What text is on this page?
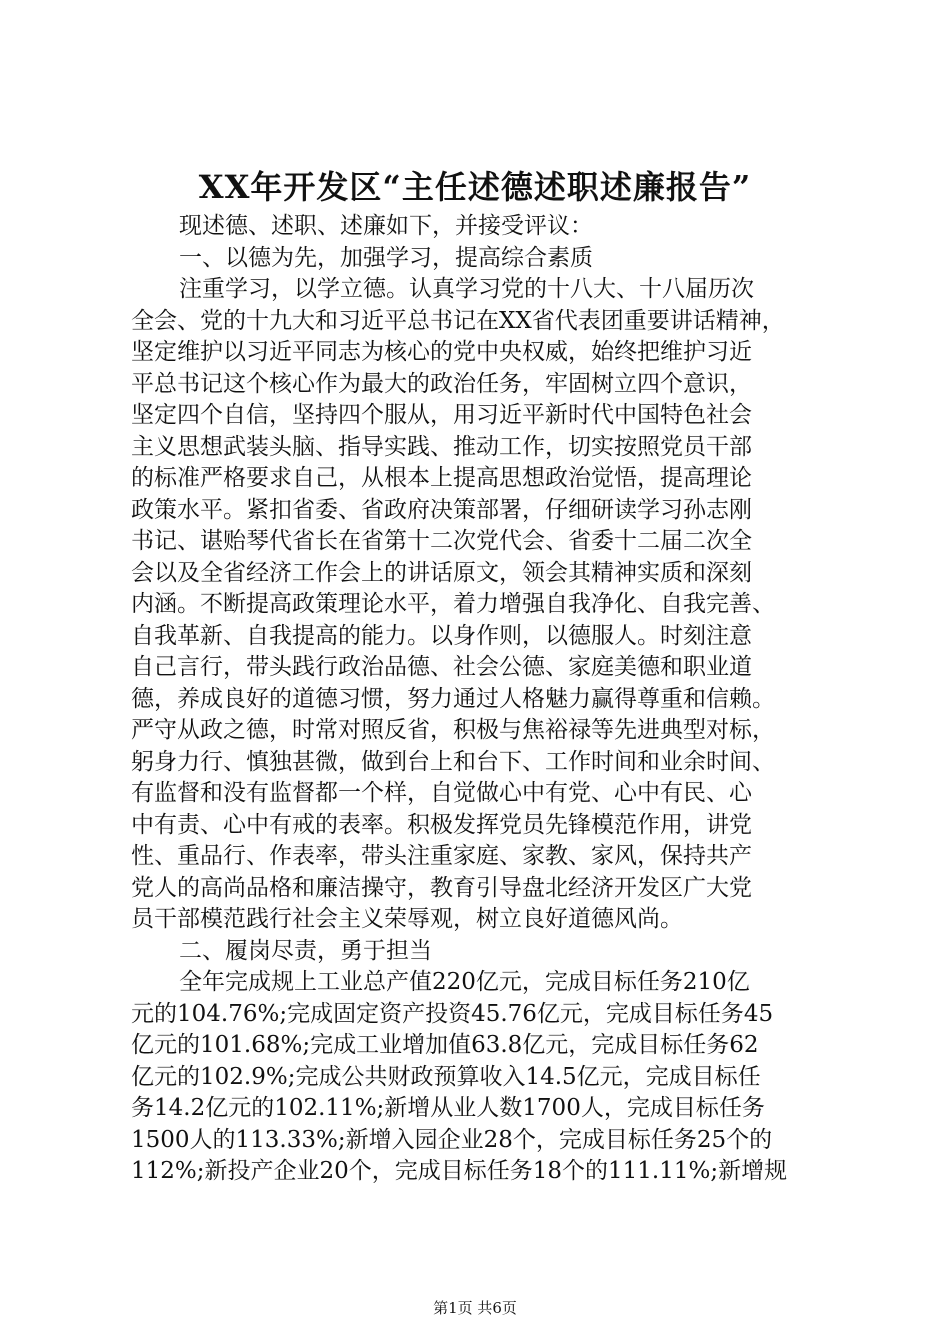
XX年开发区“主任述德述职述廉报告”
现述德、述职、述廉如下，并接受评议：
一、以德为先，加强学习，提高综合素质
注重学习，以学立德。认真学习党的十八大、十八届历次
全会、党的十九大和习近平总书记在XX省代表团重要讲话精神，
坚定维护以习近平同志为核心的党中央权威，始终把维护习近
平总书记这个核心作为最大的政治任务，牢固树立四个意识，
坚定四个自信，坚持四个服从，用习近平新时代中国特色社会
主义思想武装头脑、指导实践、推动工作，切实按照党员干部
的标准严格要求自己，从根本上提高思想政治觉悟，提高理论
政策水平。紧扣省委、省政府决策部署，仔细研读学习孙志刚
书记、谌贻琴代省长在省第十二次党代会、省委十二届二次全
会以及全省经济工作会上的讲话原文，领会其精神实质和深刻
内涵。不断提高政策理论水平，着力增强自我净化、自我完善、
自我革新、自我提高的能力。以身作则，以德服人。时刻注意
自己言行，带头践行政治品德、社会公德、家庭美德和职业道
德，养成良好的道德习惯，努力通过人格魅力赢得尊重和信赖。
严守从政之德，时常对照反省，积极与焦裕禄等先进典型对标，
躬身力行、慎独甚微，做到台上和台下、工作时间和业余时间、
有监督和没有监督都一个样，自觉做心中有党、心中有民、心
中有责、心中有戒的表率。积极发挥党员先锋模范作用，讲党
性、重品行、作表率，带头注重家庭、家教、家风，保持共产
党人的高尚品格和廉洁操守，教育引导盘北经济开发区广大党
员干部模范践行社会主义荣辱观，树立良好道德风尚。
二、履岗尽责，勇于担当
全年完成规上工业总产值220亿元，完成目标任务210亿
元的104.76%;完成固定资产投资45.76亿元，完成目标任务45
亿元的101.68%;完成工业增加值63.8亿元，完成目标任务62
亿元的102.9%;完成公共财政预算收入14.5亿元，完成目标任
务14.2亿元的102.11%;新增从业人数1700人，完成目标任务
1500人的113.33%;新增入园企业28个，完成目标任务25个的
112%;新投产企业20个，完成目标任务18个的111.11%;新增规
第1页 共6页
